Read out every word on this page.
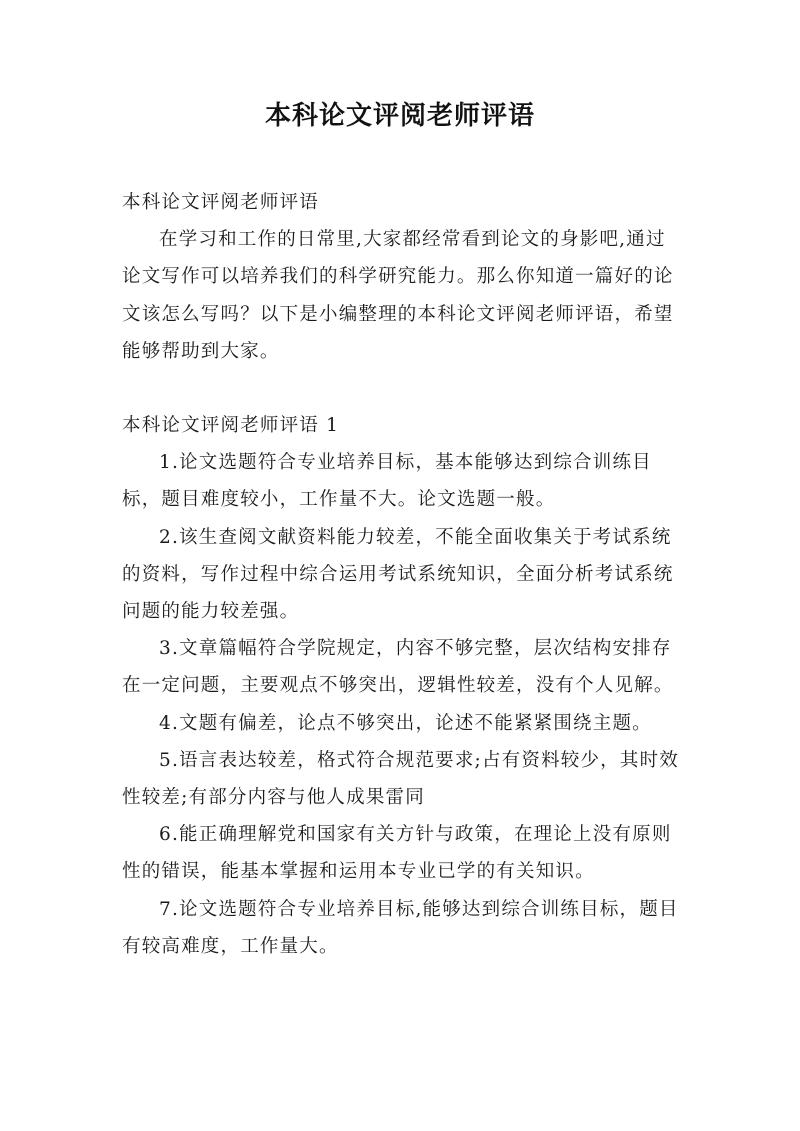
本科论文评阅老师评语

本科论文评阅老师评语

在学习和工作的日常里,大家都经常看到论文的身影吧,通过论文写作可以培养我们的科学研究能力。那么你知道一篇好的论文该怎么写吗？以下是小编整理的本科论文评阅老师评语，希望能够帮助到大家。

本科论文评阅老师评语 1

1.论文选题符合专业培养目标，基本能够达到综合训练目标，题目难度较小，工作量不大。论文选题一般。

2.该生查阅文献资料能力较差，不能全面收集关于考试系统的资料，写作过程中综合运用考试系统知识，全面分析考试系统问题的能力较差强。

3.文章篇幅符合学院规定，内容不够完整，层次结构安排存在一定问题，主要观点不够突出，逻辑性较差，没有个人见解。

4.文题有偏差，论点不够突出，论述不能紧紧围绕主题。

5.语言表达较差，格式符合规范要求;占有资料较少，其时效性较差;有部分内容与他人成果雷同

6.能正确理解党和国家有关方针与政策，在理论上没有原则性的错误，能基本掌握和运用本专业已学的有关知识。

7.论文选题符合专业培养目标,能够达到综合训练目标，题目有较高难度，工作量大。
